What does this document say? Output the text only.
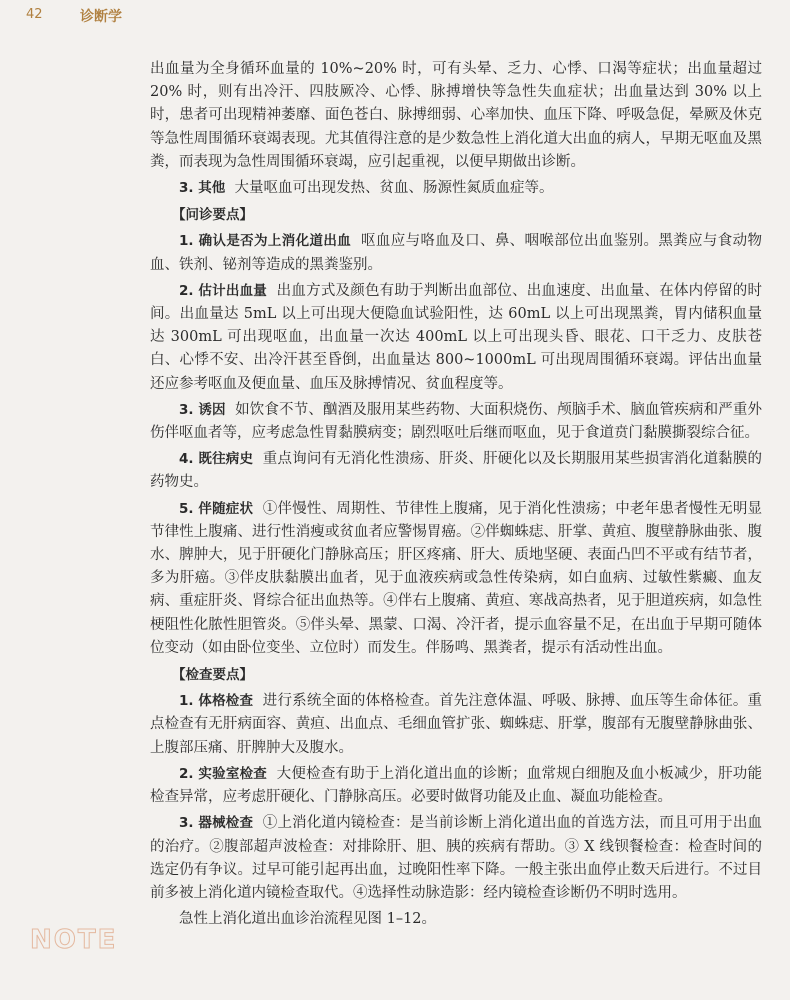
42	诊断学

出血量为全身循环血量的 10%~20% 时，可有头晕、乏力、心悸、口渴等症状；出血量超过 20% 时，则有出冷汗、四肢厥冷、心悸、脉搏增快等急性失血症状；出血量达到 30% 以上时，患者可出现精神萎靡、面色苍白、脉搏细弱、心率加快、血压下降、呼吸急促，晕厥及休克等急性周围循环衰竭表现。尤其值得注意的是少数急性上消化道大出血的病人，早期无呕血及黑粪，而表现为急性周围循环衰竭，应引起重视，以便早期做出诊断。

3. 其他 大量呕血可出现发热、贫血、肠源性氮质血症等。

【问诊要点】

1. 确认是否为上消化道出血 呕血应与咯血及口、鼻、咽喉部位出血鉴别。黑粪应与食动物血、铁剂、铋剂等造成的黑粪鉴别。

2. 估计出血量 出血方式及颜色有助于判断出血部位、出血速度、出血量、在体内停留的时间。出血量达 5mL 以上可出现大便隐血试验阳性，达 60mL 以上可出现黑粪，胃内储积血量达 300mL 可出现呕血，出血量一次达 400mL 以上可出现头昏、眼花、口干乏力、皮肤苍白、心悸不安、出冷汗甚至昏倒，出血量达 800~1000mL 可出现周围循环衰竭。评估出血量还应参考呕血及便血量、血压及脉搏情况、贫血程度等。

3. 诱因 如饮食不节、酗酒及服用某些药物、大面积烧伤、颅脑手术、脑血管疾病和严重外伤伴呕血者等，应考虑急性胃黏膜病变；剧烈呕吐后继而呕血，见于食道贲门黏膜撕裂综合征。

4. 既往病史 重点询问有无消化性溃疡、肝炎、肝硬化以及长期服用某些损害消化道黏膜的药物史。

5. 伴随症状 ①伴慢性、周期性、节律性上腹痛，见于消化性溃疡；中老年患者慢性无明显节律性上腹痛、进行性消瘦或贫血者应警惕胃癌。②伴蜘蛛痣、肝掌、黄疸、腹壁静脉曲张、腹水、脾肿大，见于肝硬化门静脉高压；肝区疼痛、肝大、质地坚硬、表面凸凹不平或有结节者，多为肝癌。③伴皮肤黏膜出血者，见于血液疾病或急性传染病，如白血病、过敏性紫癜、血友病、重症肝炎、肾综合征出血热等。④伴右上腹痛、黄疸、寒战高热者，见于胆道疾病，如急性梗阻性化脓性胆管炎。⑤伴头晕、黑蒙、口渴、冷汗者，提示血容量不足，在出血于早期可随体位变动（如由卧位变坐、立位时）而发生。伴肠鸣、黑粪者，提示有活动性出血。

【检查要点】

1. 体格检查 进行系统全面的体格检查。首先注意体温、呼吸、脉搏、血压等生命体征。重点检查有无肝病面容、黄疸、出血点、毛细血管扩张、蜘蛛痣、肝掌，腹部有无腹壁静脉曲张、上腹部压痛、肝脾肿大及腹水。

2. 实验室检查 大便检查有助于上消化道出血的诊断；血常规白细胞及血小板减少，肝功能检查异常，应考虑肝硬化、门静脉高压。必要时做肾功能及止血、凝血功能检查。

3. 器械检查 ①上消化道内镜检查：是当前诊断上消化道出血的首选方法，而且可用于出血的治疗。②腹部超声波检查：对排除肝、胆、胰的疾病有帮助。③ X 线钡餐检查：检查时间的选定仍有争议。过早可能引起再出血，过晚阳性率下降。一般主张出血停止数天后进行。不过目前多被上消化道内镜检查取代。④选择性动脉造影：经内镜检查诊断仍不明时选用。

急性上消化道出血诊治流程见图 1–12。

NOTE
